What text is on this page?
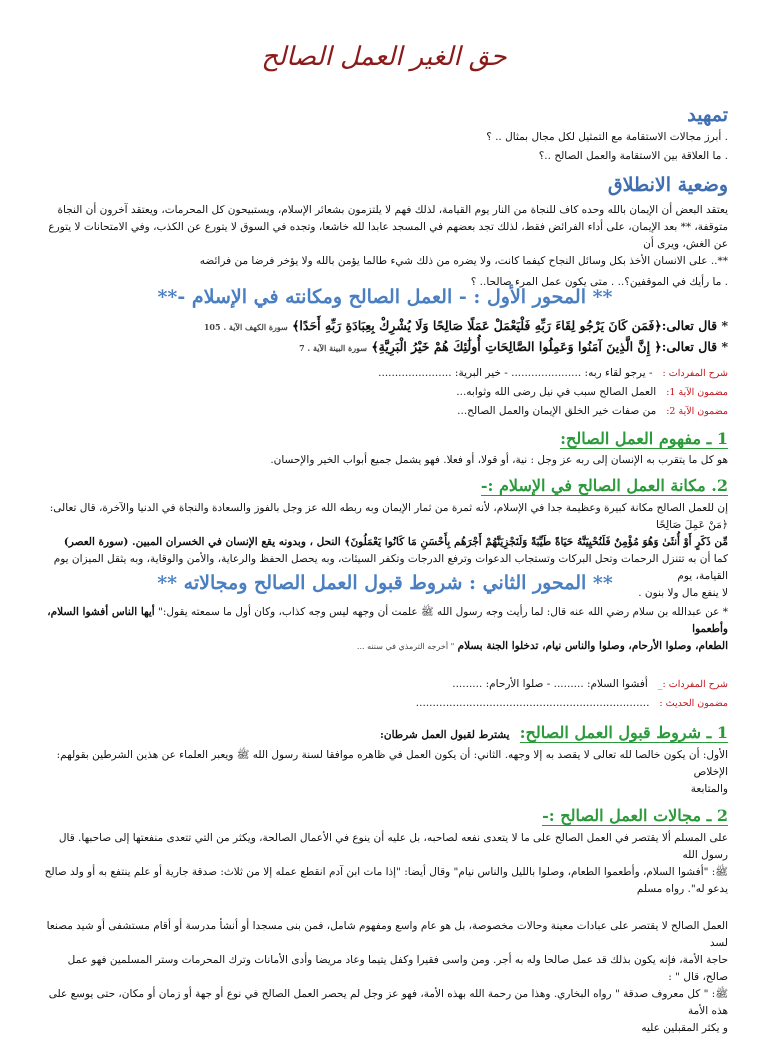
حق الغير العمل الصالح
تمهيد

. أبرز مجالات الاستقامة مع التمثيل لكل مجال بمثال .. ؟

. ما العلاقة بين الاستقامة والعمل الصالح ..؟

وضعية الانطلاق

يعتقد البعض أن الإيمان بالله وحده كاف للنجاة من النار يوم القيامة، لذلك فهم لا يلتزمون بشعائر الإسلام، ويستبيحون كل المحرمات، ويعتقد آخرون أن النجاة متوقفة، ** بعد الإيمان، على أداء الفرائض فقط، لذلك تجد بعضهم في المسجد عابدا لله خاشعا، وتجده في السوق لا يتورع عن الكذب، وفي الامتحانات لا يتورع عن الغش، ويرى أن

**.. على الانسان الأخذ بكل وسائل النجاح كيفما كانت، ولا يضره من ذلك شيء طالما يؤمن بالله ولا يؤخر فرضا من فرائضه

. ما رأيك في الموقفين؟.. . متى يكون عمل المرء صالحا.. ؟

** المحور الأول : - العمل الصالح ومكانته في الإسلام -**

* قال تعالى:﴿فَمَن كَانَ يَرْجُو لِقَاءَ رَبِّهِ فَلْيَعْمَلْ عَمَلًا صَالِحًا وَلَا يُشْرِكْ بِعِبَادَةِ رَبِّهِ أَحَدًا﴾ سورة الكهف الآية . 105

* قال تعالى:﴿ إِنَّ الَّذِينَ آمَنُوا وَعَمِلُوا الصَّالِحَاتِ أُولَٰئِكَ هُمْ خَيْرُ الْبَرِيَّةِ﴾ سورة البينة الآية . 7

شرح المفردات :
- يرجو لقاء ربه: ..................... - خير البرية: ......................
مضمون الآية 1:
العمل الصالح سبب في نيل رضى الله وثوابه...
مضمون الآية 2:
من صفات خير الخلق الإيمان والعمل الصالح...
1 ـ مفهوم العمل الصالح:

هو كل ما يتقرب به الإنسان إلى ربه عز وجل : نية، أو قولا، أو فعلا. فهو يشمل جميع أبواب الخير والإحسان.

2. مكانة العمل الصالح في الإسلام :-

إن للعمل الصالح مكانة كبيرة وعظيمة جدا في الإسلام، لأنه ثمرة من ثمار الإيمان وبه ربطه الله عز وجل بالفوز والسعادة والنجاة في الدنيا والآخرة، قال تعالى: ﴿مَنْ عَمِلَ صَالِحًا

مِّن ذَكَرٍ أَوْ أُنثَىٰ وَهُوَ مُؤْمِنٌ فَلَنُحْيِيَنَّهُ حَيَاةً طَيِّبَةً وَلَنَجْزِيَنَّهُمْ أَجْرَهُم بِأَحْسَنِ مَا كَانُوا يَعْمَلُونَ﴾ النحل ، وبدونه يقع الإنسان في الخسران المبين. (سورة العصر)

كما أن به تتنزل الرحمات وتحل البركات وتستجاب الدعوات وترفع الدرجات وتكفر السيئات، وبه يحصل الحفظ والرعاية، والأمن والوقاية، وبه يثقل الميزان يوم القيامة، يوم

لا ينفع مال ولا بنون .

** المحور الثاني : شروط قبول العمل الصالح ومجالاته **

* عن عبدالله بن سلام رضي الله عنه قال: لما رأيت وجه رسول الله ﷺ علمت أن وجهه ليس وجه كذاب، وكان أول ما سمعته يقول:" أيها الناس أفشوا السلام، وأطعموا

الطعام، وصلوا الأرحام، وصلوا والناس نيام، تدخلوا الجنة بسلام " أخرجه الترمذي في سننه ...

شرح المفردات :_
أفشوا السلام: ......... - صلوا الأرحام: .........
مضمون الحديث :
......................................................................
1 ـ شروط قبول العمل الصالح:
يشترط لقبول العمل شرطان:

الأول: أن يكون خالصا لله تعالى لا يقصد به إلا وجهه. الثاني: أن يكون العمل في ظاهره موافقا لسنة رسول الله ﷺ ويعبر العلماء عن هذين الشرطين بقولهم: الإخلاص

والمتابعة

2 ـ مجالات العمل الصالح :-

على المسلم ألا يقتصر في العمل الصالح على ما لا يتعدى نفعه لصاحبه، بل عليه أن ينوع في الأعمال الصالحة، ويكثر من التي تتعدى منفعتها إلى صاحبها. قال رسول الله

ﷺ: "أفشوا السلام، وأطعموا الطعام، وصلوا بالليل والناس نيام" وقال أيضا: "إذا مات ابن آدم انقطع عمله إلا من ثلاث: صدقة جارية أو علم ينتفع به أو ولد صالح

يدعو له". رواه مسلم

العمل الصالح لا يقتصر على عبادات معينة وحالات مخصوصة، بل هو عام واسع ومفهوم شامل، فمن بنى مسجدا أو أنشأ مدرسة أو أقام مستشفى أو شيد مصنعا لسد

حاجة الأمة، فإنه يكون بذلك قد عمل صالحا وله به أجر. ومن واسى فقيرا وكفل يتيما وعاد مريضا وأدى الأمانات وترك المحرمات وستر المسلمين فهو عمل صالح، قال " :

ﷺ: " كل معروف صدقة " رواه البخاري. وهذا من رحمة الله بهذه الأمة، فهو عز وجل لم يحصر العمل الصالح في نوع أو جهة أو زمان أو مكان، حتى يوسع على هذه الأمة

و يكثر المقبلين عليه
